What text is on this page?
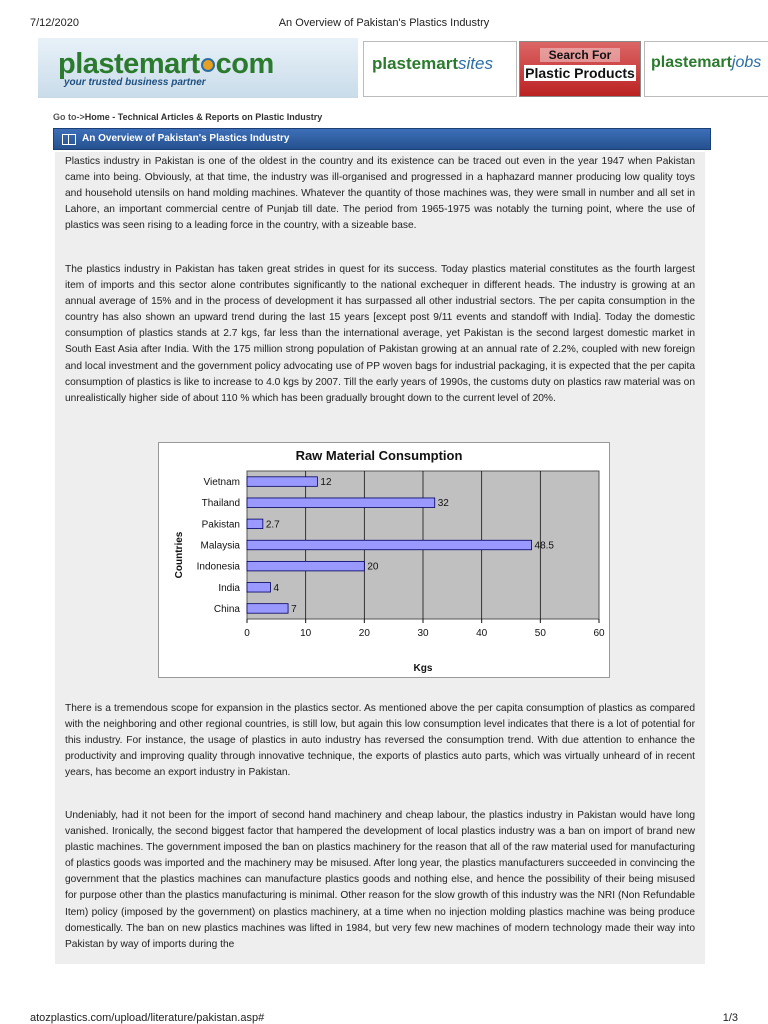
7/12/2020	An Overview of Pakistan's Plastics Industry
plastemart com
your trusted business partner
plastemartsites	Search For
Plastic Products
plastemartjobs
Go to->Home - Technical Articles & Reports on Plastic Industry
An Overview of Pakistan's Plastics Industry

Plastics industry in Pakistan is one of the oldest in the country and its existence can be traced out even in the year 1947 when Pakistan came into being. Obviously, at that time, the industry was ill-organised and progressed in a haphazard manner producing low quality toys and household utensils on hand molding machines. Whatever the quantity of those machines was, they were small in number and all set in Lahore, an important commercial centre of Punjab till date. The period from 1965-1975 was notably the turning point, where the use of plastics was seen rising to a leading force in the country, with a sizeable base.

The plastics industry in Pakistan has taken great strides in quest for its success. Today plastics material constitutes as the fourth largest item of imports and this sector alone contributes significantly to the national exchequer in different heads. The industry is growing at an annual average of 15% and in the process of development it has surpassed all other industrial sectors. The per capita consumption in the country has also shown an upward trend during the last 15 years [except post 9/11 events and standoff with India]. Today the domestic consumption of plastics stands at 2.7 kgs, far less than the international average, yet Pakistan is the second largest domestic market in South East Asia after India. With the 175 million strong population of Pakistan growing at an annual rate of 2.2%, coupled with new foreign and local investment and the government policy advocating use of PP woven bags for industrial packaging, it is expected that the per capita consumption of plastics is like to increase to 4.0 kgs by 2007. Till the early years of 1990s, the customs duty on plastics raw material was on unrealistically higher side of about 110 % which has been gradually brought down to the current level of 20%.

Raw Material Consumption
Countries
Kgs
0	10	20	30	40	50	60
Vietnam	12
Thailand	32
Pakistan	2.7
Malaysia	48.5
Indonesia	20
India	4
China	7

There is a tremendous scope for expansion in the plastics sector. As mentioned above the per capita consumption of plastics as compared with the neighboring and other regional countries, is still low, but again this low consumption level indicates that there is a lot of potential for this industry. For instance, the usage of plastics in auto industry has reversed the consumption trend. With due attention to enhance the productivity and improving quality through innovative technique, the exports of plastics auto parts, which was virtually unheard of in recent years, has become an export industry in Pakistan.

Undeniably, had it not been for the import of second hand machinery and cheap labour, the plastics industry in Pakistan would have long vanished. Ironically, the second biggest factor that hampered the development of local plastics industry was a ban on import of brand new plastic machines. The government imposed the ban on plastics machinery for the reason that all of the raw material used for manufacturing of plastics goods was imported and the machinery may be misused. After long year, the plastics manufacturers succeeded in convincing the government that the plastics machines can manufacture plastics goods and nothing else, and hence the possibility of their being misused for purpose other than the plastics manufacturing is minimal. Other reason for the slow growth of this industry was the NRI (Non Refundable Item) policy (imposed by the government) on plastics machinery, at a time when no injection molding plastics machine was being produce domestically. The ban on new plastics machines was lifted in 1984, but very few new machines of modern technology made their way into Pakistan by way of imports during the

atozplastics.com/upload/literature/pakistan.asp#	1/3
